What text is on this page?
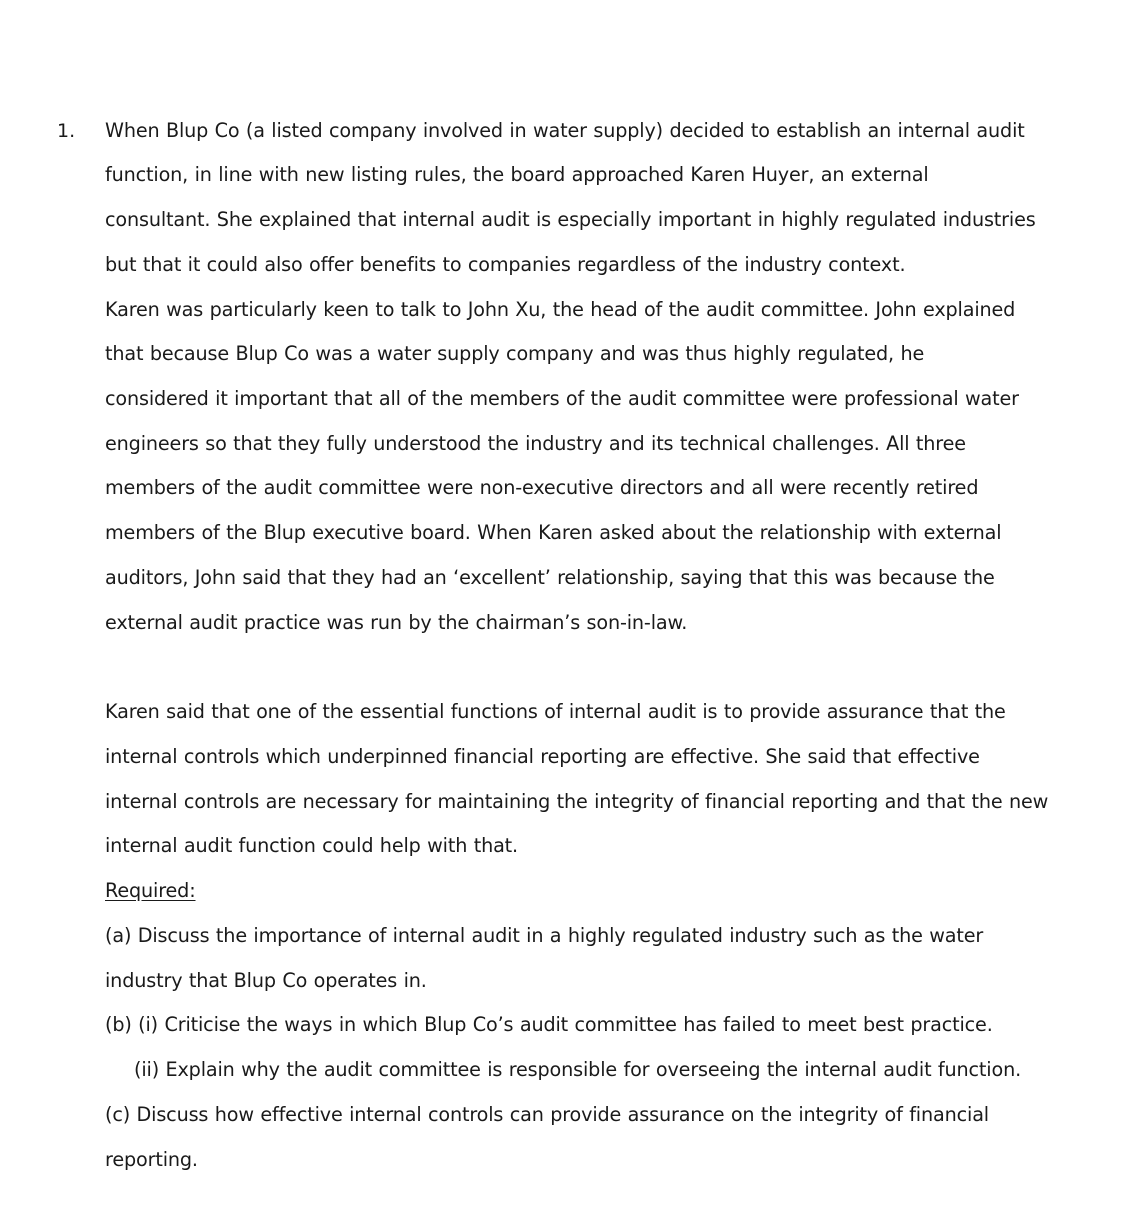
1. When Blup Co (a listed company involved in water supply) decided to establish an internal audit
function, in line with new listing rules, the board approached Karen Huyer, an external
consultant. She explained that internal audit is especially important in highly regulated industries
but that it could also offer benefits to companies regardless of the industry context.
Karen was particularly keen to talk to John Xu, the head of the audit committee. John explained
that because Blup Co was a water supply company and was thus highly regulated, he
considered it important that all of the members of the audit committee were professional water
engineers so that they fully understood the industry and its technical challenges. All three
members of the audit committee were non-executive directors and all were recently retired
members of the Blup executive board. When Karen asked about the relationship with external
auditors, John said that they had an ‘excellent’ relationship, saying that this was because the
external audit practice was run by the chairman’s son-in-law.
Karen said that one of the essential functions of internal audit is to provide assurance that the
internal controls which underpinned financial reporting are effective. She said that effective
internal controls are necessary for maintaining the integrity of financial reporting and that the new
internal audit function could help with that.
Required:
(a) Discuss the importance of internal audit in a highly regulated industry such as the water
industry that Blup Co operates in.
(b) (i) Criticise the ways in which Blup Co’s audit committee has failed to meet best practice.
(ii) Explain why the audit committee is responsible for overseeing the internal audit function.
(c) Discuss how effective internal controls can provide assurance on the integrity of financial
reporting.
